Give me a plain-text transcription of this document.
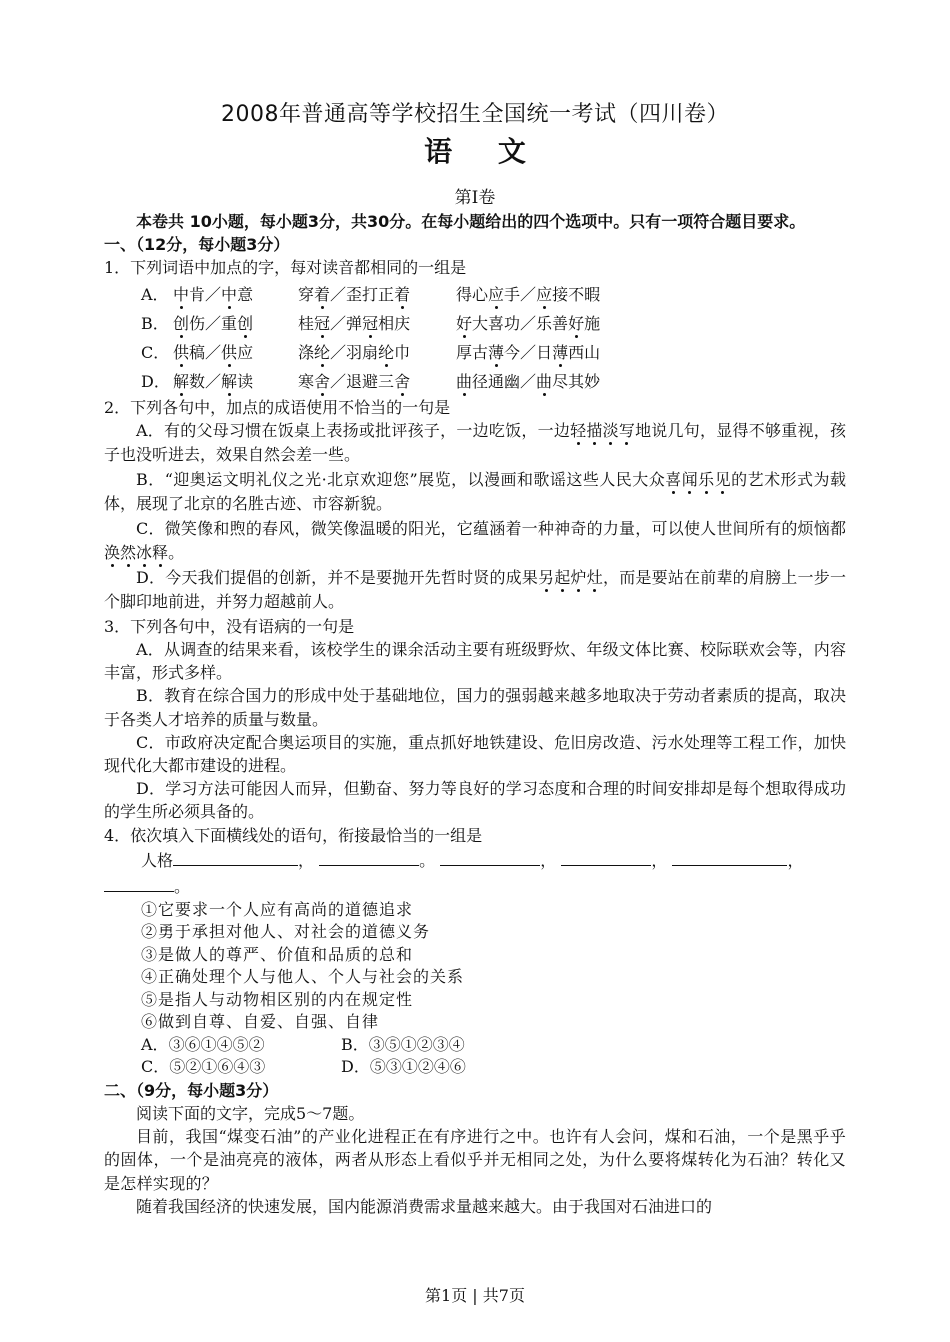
2008年普通高等学校招生全国统一考试（四川卷）
语 文
第Ⅰ卷

本卷共 10小题，每小题3分，共30分。在每小题给出的四个选项中。只有一项符合题目要求。

一、（12分，每小题3分）

1．下列词语中加点的字，每对读音都相同的一组是

A． 中肯／中意	穿着／歪打正着	得心应手／应接不暇
B． 创伤／重创	桂冠／弹冠相庆	好大喜功／乐善好施
C． 供稿／供应	涤纶／羽扇纶巾	厚古薄今／日薄西山
D． 解数／解读	寒舍／退避三舍	曲径通幽／曲尽其妙

2．下列各句中，加点的成语使用不恰当的一句是

A．有的父母习惯在饭桌上表扬或批评孩子，一边吃饭，一边轻描淡写地说几句，显得不够重视，孩子也没听进去，效果自然会差一些。

B．“迎奥运文明礼仪之光·北京欢迎您”展览，以漫画和歌谣这些人民大众喜闻乐见的艺术形式为载体，展现了北京的名胜古迹、市容新貌。

C．微笑像和煦的春风，微笑像温暖的阳光，它蕴涵着一种神奇的力量，可以使人世间所有的烦恼都涣然冰释。

D．今天我们提倡的创新，并不是要抛开先哲时贤的成果另起炉灶，而是要站在前辈的肩膀上一步一个脚印地前进，并努力超越前人。

3．下列各句中，没有语病的一句是

A．从调查的结果来看，该校学生的课余活动主要有班级野炊、年级文体比赛、校际联欢会等，内容丰富，形式多样。

B．教育在综合国力的形成中处于基础地位，国力的强弱越来越多地取决于劳动者素质的提高，取决于各类人才培养的质量与数量。

C．市政府决定配合奥运项目的实施，重点抓好地铁建设、危旧房改造、污水处理等工程工作，加快现代化大都市建设的进程。

D．学习方法可能因人而异，但勤奋、努力等良好的学习态度和合理的时间安排却是每个想取得成功的学生所必须具备的。

4．依次填入下面横线处的语句，衔接最恰当的一组是

人格	，	。	，	，	，

。

①它要求一个人应有高尚的道德追求
②勇于承担对他人、对社会的道德义务
③是做人的尊严、价值和品质的总和
④正确处理个人与他人、个人与社会的关系
⑤是指人与动物相区别的内在规定性
⑥做到自尊、自爱、自强、自律
A．③⑥①④⑤②	B．③⑤①②③④
C．⑤②①⑥④③	D．⑤③①②④⑥

二、（9分，每小题3分）

阅读下面的文字，完成5～7题。

目前，我国“煤变石油”的产业化进程正在有序进行之中。也许有人会问，煤和石油，一个是黑乎乎的固体，一个是油亮亮的液体，两者从形态上看似乎并无相同之处，为什么要将煤转化为石油？转化又是怎样实现的？

随着我国经济的快速发展，国内能源消费需求量越来越大。由于我国对石油进口的

第1页 | 共7页
